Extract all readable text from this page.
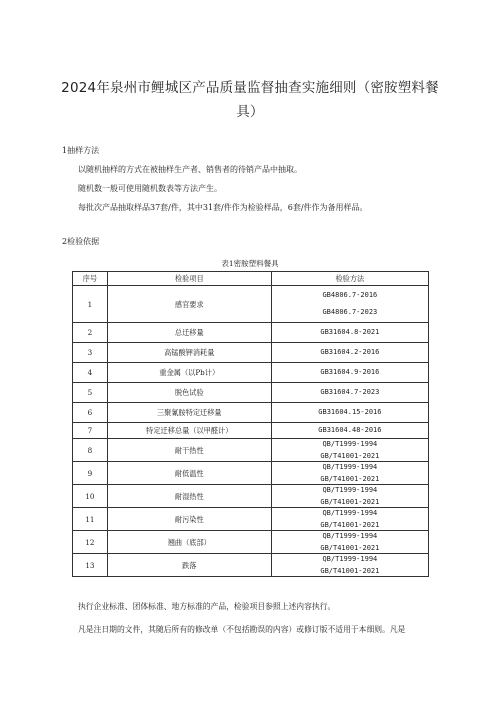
2024年泉州市鲤城区产品质量监督抽查实施细则（密胺塑料餐
具）
1抽样方法
以随机抽样的方式在被抽样生产者、销售者的待销产品中抽取。
随机数一般可使用随机数表等方法产生。
每批次产品抽取样品37套/件，其中31套/件作为检验样品，6套/件作为备用样品。
2检验依据
表1密胺塑料餐具
序号	检验项目	检验方法
1	感官要求	GB4806.7-2016
GB4806.7-2023

2	总迁移量	GB31604.8-2021

3	高锰酸钾消耗量	GB31604.2-2016

4	重金属（以Pb计）	GB31604.9-2016

5	脱色试验	GB31604.7-2023

6	三聚氰胺特定迁移量	GB31604.15-2016

7	特定迁移总量（以甲醛计）	GB31604.48-2016

8	耐干热性	QB/T1999-1994
GB/T41001-2021

9	耐低温性	QB/T1999-1994
GB/T41001-2021

10	耐湿热性	QB/T1999-1994
GB/T41001-2021

11	耐污染性	QB/T1999-1994
GB/T41001-2021

12	翘曲（底部）	QB/T1999-1994
GB/T41001-2021

13	跌落	QB/T1999-1994
GB/T41001-2021
执行企业标准、团体标准、地方标准的产品，检验项目参照上述内容执行。
凡是注日期的文件，其随后所有的修改单（不包括勘误的内容）或修订版不适用于本细则。凡是
